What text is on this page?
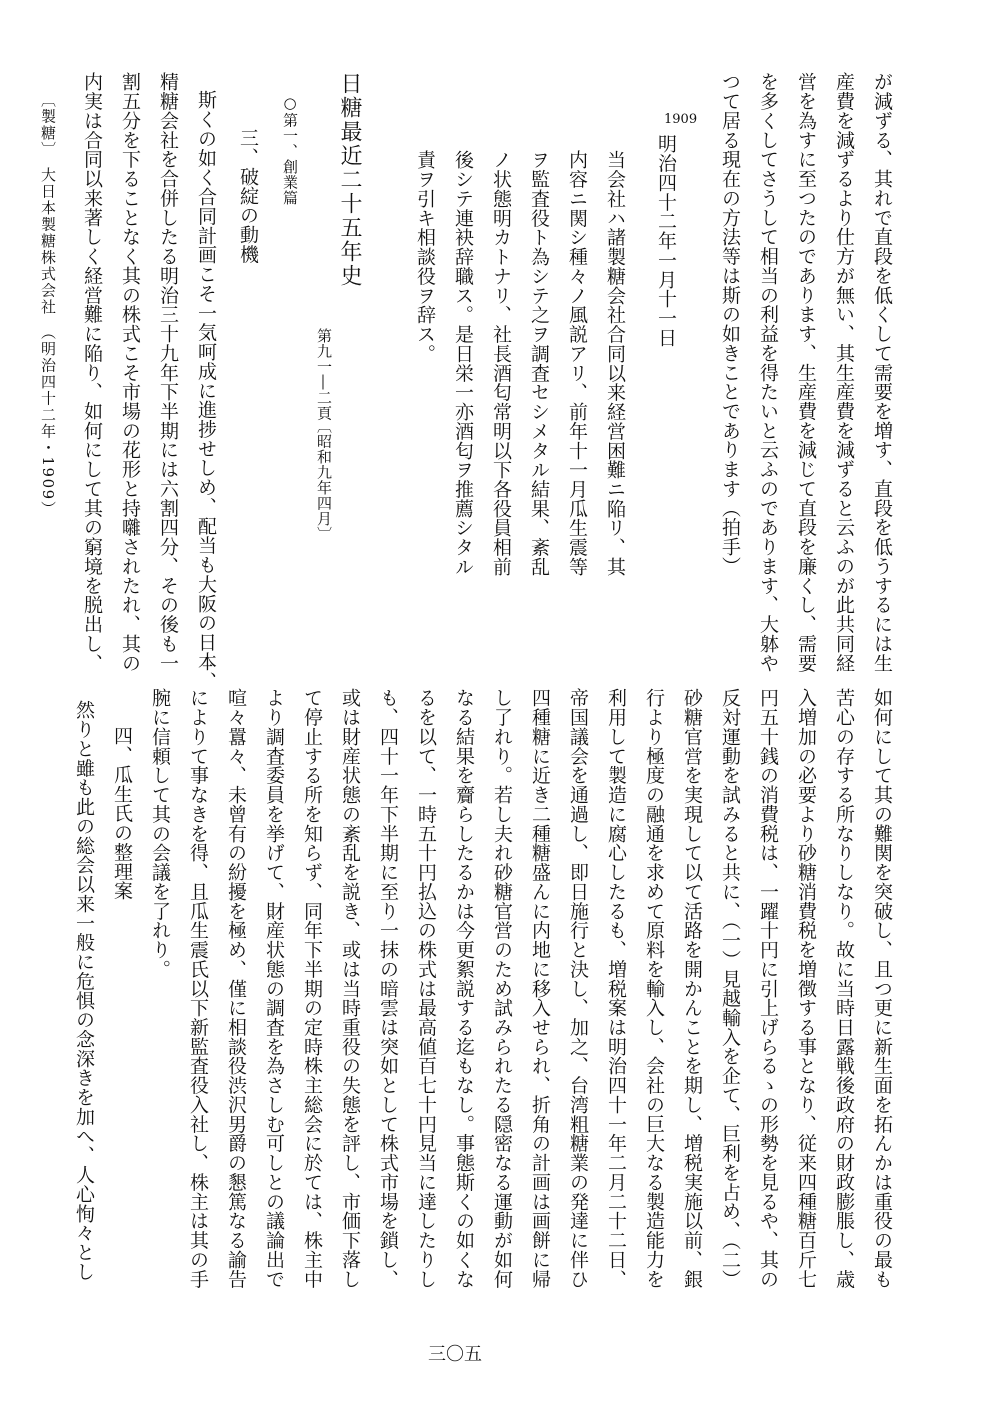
が減ずる、其れで直段を低くして需要を増す、直段を低うするには生
産費を減ずるより仕方が無い、其生産費を減ずると云ふのが此共同経
営を為すに至つたのであります、生産費を減じて直段を廉くし、需要
を多くしてさうして相当の利益を得たいと云ふのであります、大躰や
つて居る現在の方法等は斯の如きことであります（拍手）
1909
明治四十二年一月十一日
当会社ハ諸製糖会社合同以来経営困難ニ陥リ、其
内容ニ関シ種々ノ風説アリ、前年十一月瓜生震等
ヲ監査役ト為シテ之ヲ調査セシメタル結果、紊乱
ノ状態明カトナリ、社長酒匂常明以下各役員相前
後シテ連袂辞職ス。是日栄一亦酒匂ヲ推薦シタル
責ヲ引キ相談役ヲ辞ス。
日糖最近二十五年史
第九一―二頁
〔昭和九年四月〕
○第一、創業篇
三、破綻の動機
斯くの如く合同計画こそ一気呵成に進捗せしめ、配当も大阪の日本、
精糖会社を合併したる明治三十九年下半期には六割四分、その後も一
割五分を下ることなく其の株式こそ市場の花形と持囃されたれ、其の
内実は合同以来著しく経営難に陥り、如何にして其の窮境を脱出し、
〔製糖〕　大日本製糖株式会社　（明治四十二年・1909）
如何にして其の難関を突破し、且つ更に新生面を拓んかは重役の最も
苦心の存する所なりしなり。故に当時日露戦後政府の財政膨脹し、歳
入増加の必要より砂糖消費税を増徴する事となり、従来四種糖百斤七
円五十銭の消費税は、一躍十円に引上げらるゝの形勢を見るや、其の
反対運動を試みると共に、（一）見越輸入を企て、巨利を占め、（二）
砂糖官営を実現して以て活路を開かんことを期し、増税実施以前、銀
行より極度の融通を求めて原料を輸入し、会社の巨大なる製造能力を
利用して製造に腐心したるも、増税案は明治四十一年二月二十二日、
帝国議会を通過し、即日施行と決し、加之、台湾粗糖業の発達に伴ひ
四種糖に近き二種糖盛んに内地に移入せられ、折角の計画は画餅に帰
し了れり。若し夫れ砂糖官営のため試みられたる隠密なる運動が如何
なる結果を齎らしたるかは今更絮説する迄もなし。事態斯くの如くな
るを以て、一時五十円払込の株式は最高値百七十円見当に達したりし
も、四十一年下半期に至り一抹の暗雲は突如として株式市場を鎖し、
或は財産状態の紊乱を説き、或は当時重役の失態を評し、市価下落し
て停止する所を知らず、同年下半期の定時株主総会に於ては、株主中
より調査委員を挙げて、財産状態の調査を為さしむ可しとの議論出で
喧々囂々、未曾有の紛擾を極め、僅に相談役渋沢男爵の懇篤なる諭告
によりて事なきを得、且瓜生震氏以下新監査役入社し、株主は其の手
腕に信頼して其の会議を了れり。
四、瓜生氏の整理案
然りと雖も此の総会以来一般に危惧の念深きを加へ、人心恂々とし
三〇五
